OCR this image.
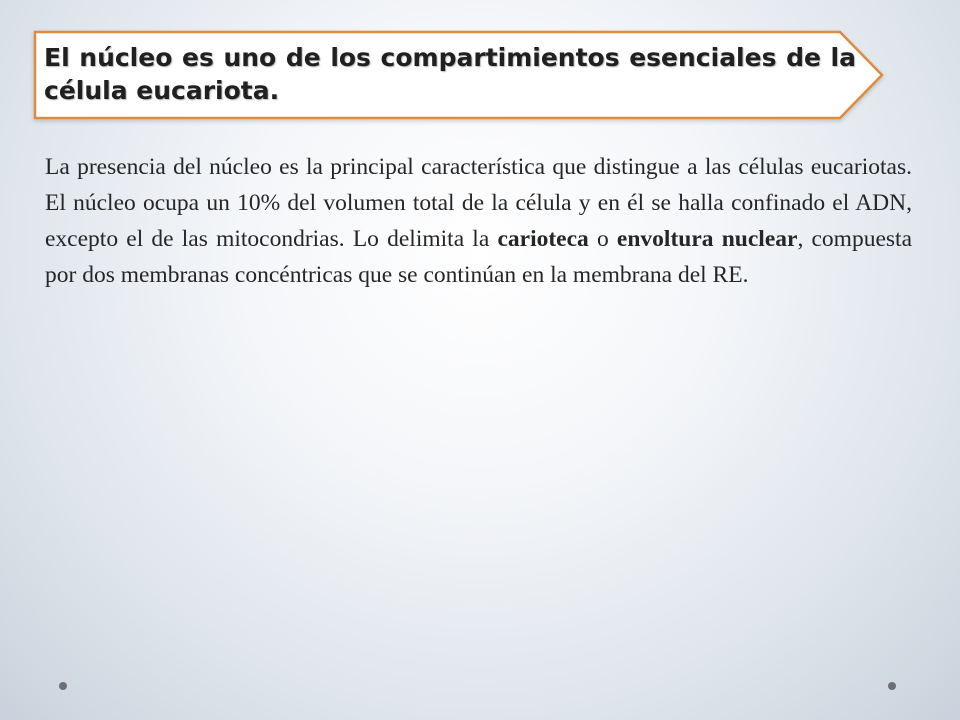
El núcleo es uno de los compartimientos esenciales de la célula eucariota.

La presencia del núcleo es la principal característica que distingue a las células eucariotas. El núcleo ocupa un 10% del volumen total de la célula y en él se halla confinado el ADN, excepto el de las mitocondrias. Lo delimita la carioteca o envoltura nuclear, compuesta por dos membranas concéntricas que se continúan en la membrana del RE.
